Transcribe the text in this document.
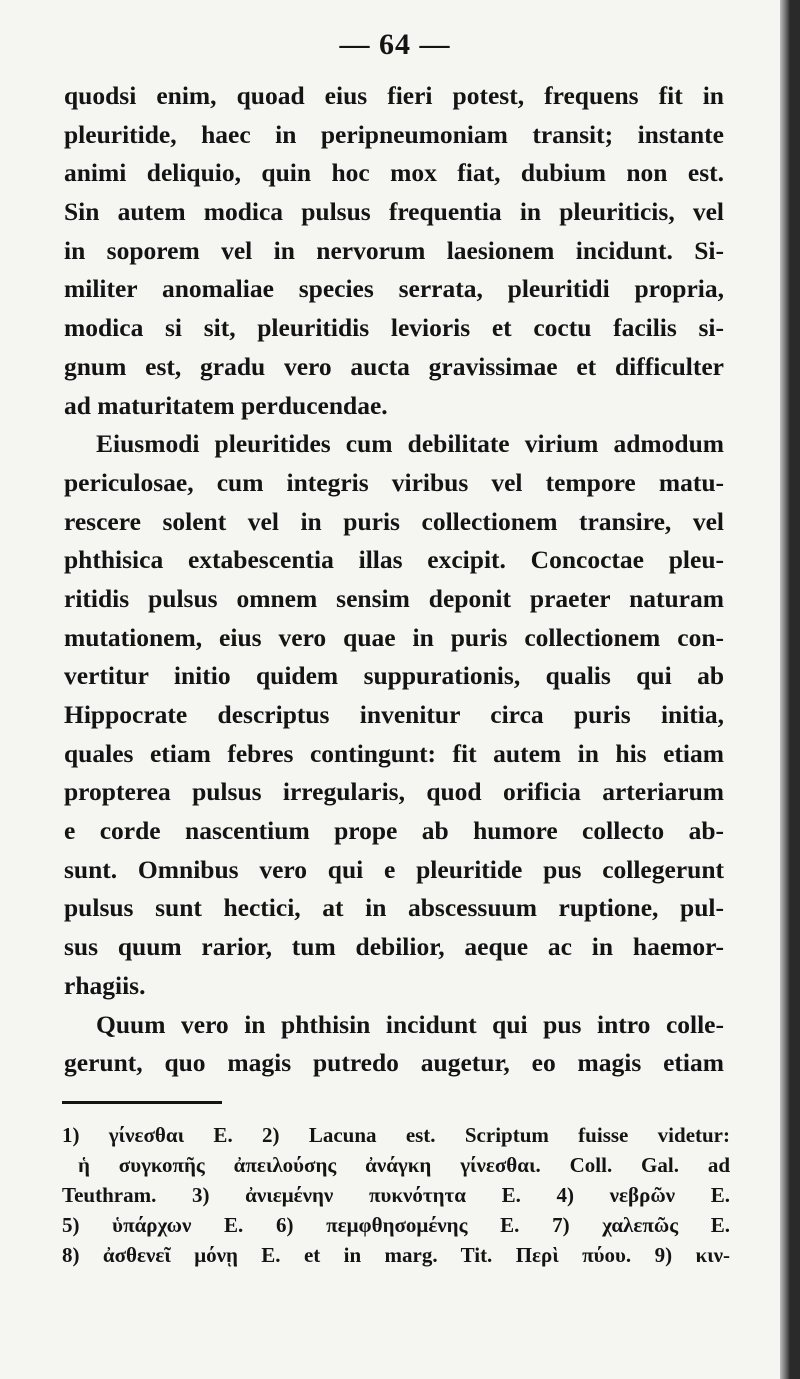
— 64 —
quodsi enim, quoad eius fieri potest, frequens fit in
pleuritide, haec in peripneumoniam transit; instante
animi deliquio, quin hoc mox fiat, dubium non est.
Sin autem modica pulsus frequentia in pleuriticis, vel
in soporem vel in nervorum laesionem incidunt. Si-
militer anomaliae species serrata, pleuritidi propria,
modica si sit, pleuritidis levioris et coctu facilis si-
gnum est, gradu vero aucta gravissimae et difficulter
ad maturitatem perducendae.
Eiusmodi pleuritides cum debilitate virium admodum
periculosae, cum integris viribus vel tempore matu-
rescere solent vel in puris collectionem transire, vel
phthisica extabescentia illas excipit. Concoctae pleu-
ritidis pulsus omnem sensim deponit praeter naturam
mutationem, eius vero quae in puris collectionem con-
vertitur initio quidem suppurationis, qualis qui ab
Hippocrate descriptus invenitur circa puris initia,
quales etiam febres contingunt: fit autem in his etiam
propterea pulsus irregularis, quod orificia arteriarum
e corde nascentium prope ab humore collecto ab-
sunt. Omnibus vero qui e pleuritide pus collegerunt
pulsus sunt hectici, at in abscessuum ruptione, pul-
sus quum rarior, tum debilior, aeque ac in haemor-
rhagiis.
Quum vero in phthisin incidunt qui pus intro colle-
gerunt, quo magis putredo augetur, eo magis etiam
1) γίνεσθαι E. 2) Lacuna est. Scriptum fuisse videtur:
ἡ συγκοπῆς ἀπειλούσης ἀνάγκη γίνεσθαι. Coll. Gal. ad
Teuthram. 3) ἀνιεμένην πυκνότητα E. 4) νεβρῶν E.
5) ὑπάρχων E. 6) πεμφθησομένης E. 7) χαλεπῶς E.
8) ἀσθενεῖ μόνῃ E. et in marg. Tit. Περὶ πύου. 9) κιν-
